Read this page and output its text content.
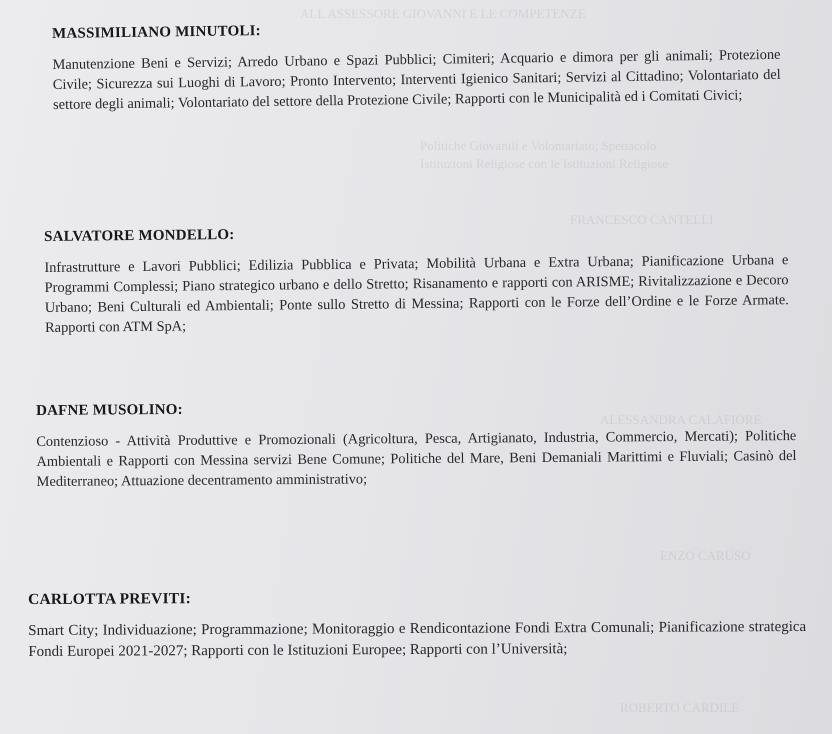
ALL ASSESSORE GIOVANNI E LE COMPETENZE
Politiche Giovanili e Volontariato; Spettacolo
Istituzioni Religiose con le Istituzioni Religiose
FRANCESCO CANTELLI
ALESSANDRA CALAFIORE
ENZO CARUSO
ROBERTO CARDILE
MASSIMILIANO MINUTOLI:

Manutenzione Beni e Servizi; Arredo Urbano e Spazi Pubblici; Cimiteri; Acquario e dimora per gli animali; Protezione Civile; Sicurezza sui Luoghi di Lavoro; Pronto Intervento; Interventi Igienico Sanitari; Servizi al Cittadino; Volontariato del settore degli animali; Volontariato del settore della Protezione Civile; Rapporti con le Municipalità ed i Comitati Civici;

SALVATORE MONDELLO:

Infrastrutture e Lavori Pubblici; Edilizia Pubblica e Privata; Mobilità Urbana e Extra Urbana; Pianificazione Urbana e Programmi Complessi; Piano strategico urbano e dello Stretto; Risanamento e rapporti con ARISME; Rivitalizzazione e Decoro Urbano; Beni Culturali ed Ambientali; Ponte sullo Stretto di Messina; Rapporti con le Forze dell’Ordine e le Forze Armate. Rapporti con ATM SpA;

DAFNE MUSOLINO:

Contenzioso - Attività Produttive e Promozionali (Agricoltura, Pesca, Artigianato, Industria, Commercio, Mercati); Politiche Ambientali e Rapporti con Messina servizi Bene Comune; Politiche del Mare, Beni Demaniali Marittimi e Fluviali; Casinò del Mediterraneo; Attuazione decentramento amministrativo;

CARLOTTA PREVITI:

Smart City; Individuazione; Programmazione; Monitoraggio e Rendicontazione Fondi Extra Comunali; Pianificazione strategica Fondi Europei 2021-2027; Rapporti con le Istituzioni Europee; Rapporti con l’Università;
